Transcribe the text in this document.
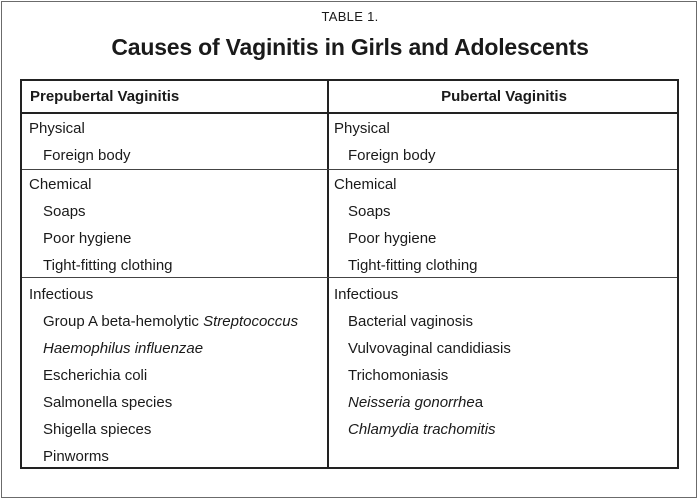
TABLE 1.
Causes of Vaginitis in Girls and Adolescents
Prepubertal Vaginitis	Pubertal Vaginitis
Physical
Foreign body
Physical
Foreign body
Chemical
Soaps
Poor hygiene
Tight-fitting clothing
Chemical
Soaps
Poor hygiene
Tight-fitting clothing
Infectious
Group A beta-hemolytic Streptococcus
Haemophilus influenzae
Escherichia coli
Salmonella species
Shigella spieces
Pinworms
Infectious
Bacterial vaginosis
Vulvovaginal candidiasis
Trichomoniasis
Neisseria gonorrhea
Chlamydia trachomitis
